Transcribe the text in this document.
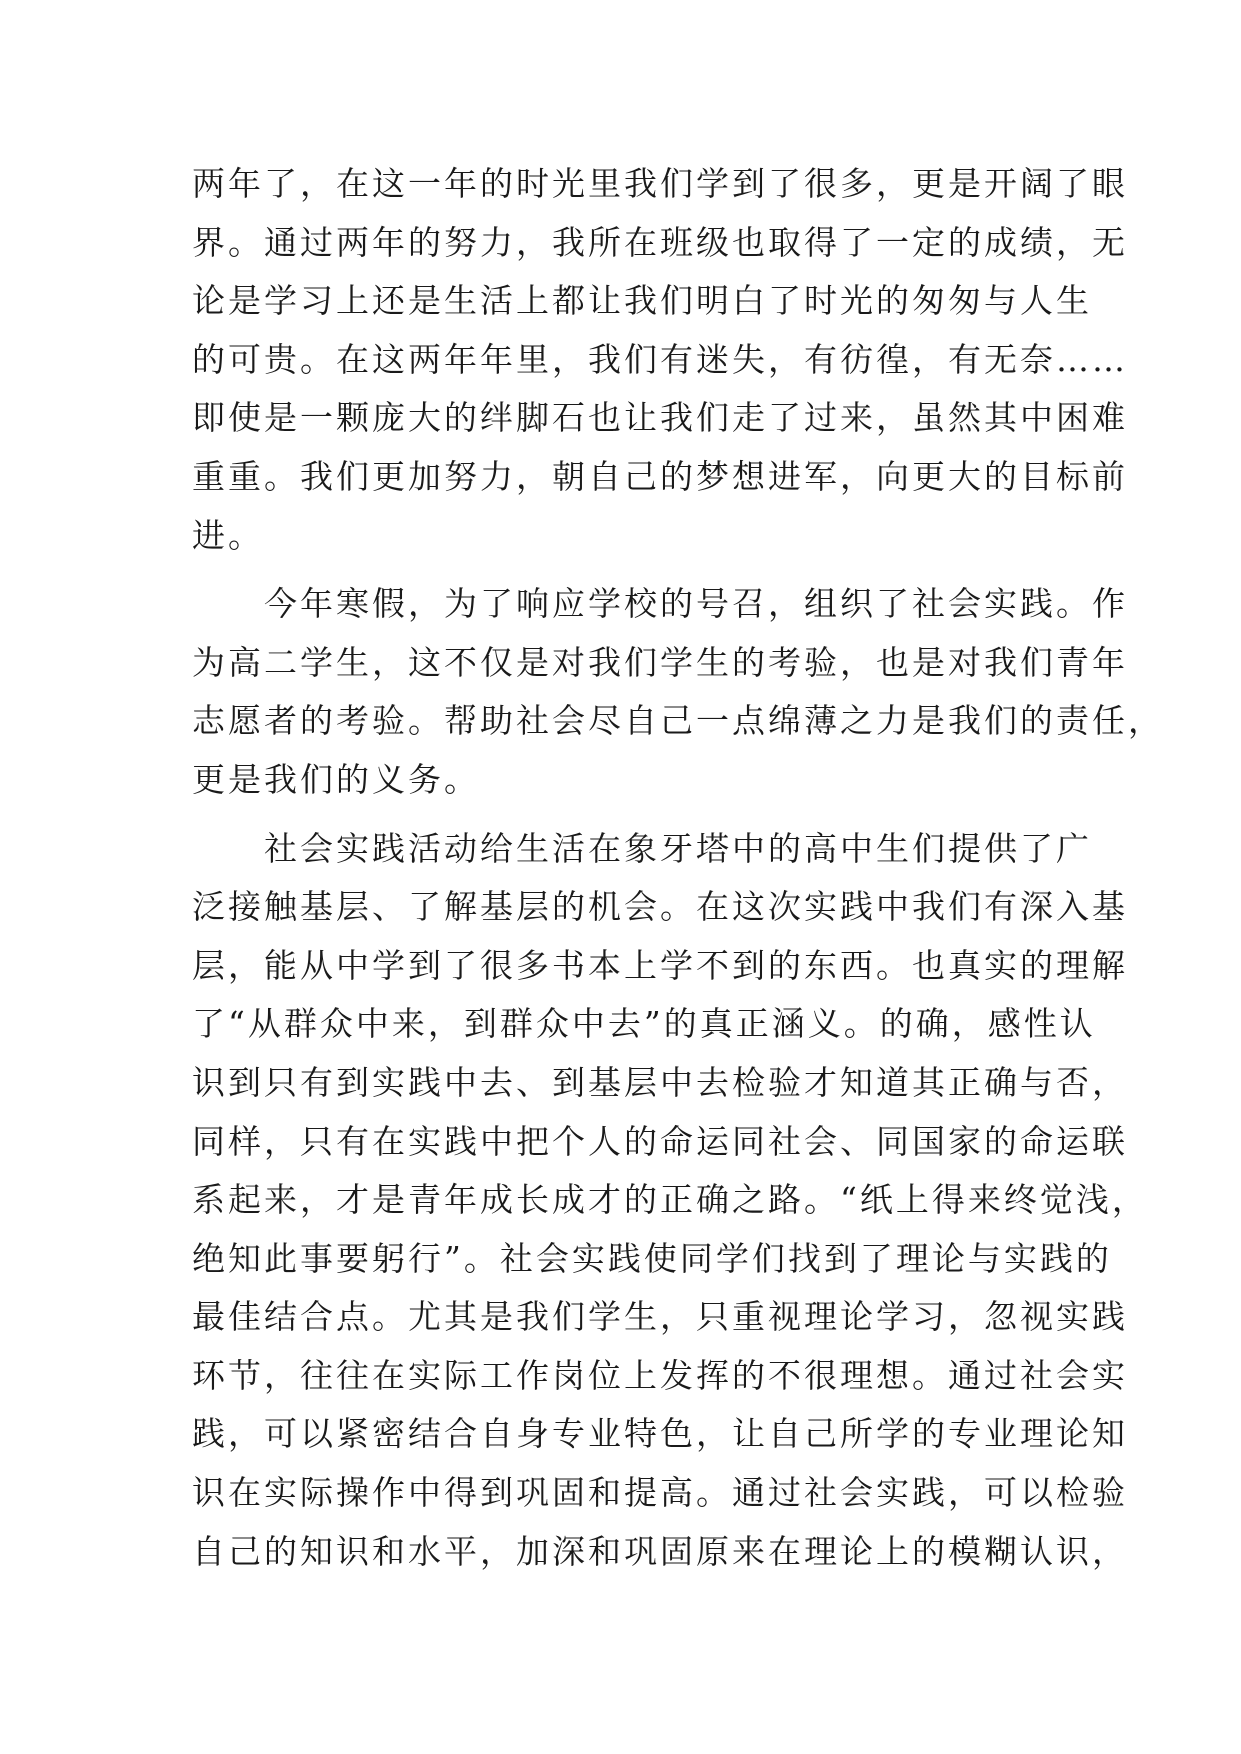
两年了，在这一年的时光里我们学到了很多，更是开阔了眼
界。通过两年的努力，我所在班级也取得了一定的成绩，无
论是学习上还是生活上都让我们明白了时光的匆匆与人生
的可贵。在这两年年里，我们有迷失，有彷徨，有无奈……
即使是一颗庞大的绊脚石也让我们走了过来，虽然其中困难
重重。我们更加努力，朝自己的梦想进军，向更大的目标前
进。
　　今年寒假，为了响应学校的号召，组织了社会实践。作
为高二学生，这不仅是对我们学生的考验，也是对我们青年
志愿者的考验。帮助社会尽自己一点绵薄之力是我们的责任，
更是我们的义务。
　　社会实践活动给生活在象牙塔中的高中生们提供了广
泛接触基层、了解基层的机会。在这次实践中我们有深入基
层，能从中学到了很多书本上学不到的东西。也真实的理解
了“从群众中来，到群众中去”的真正涵义。的确，感性认
识到只有到实践中去、到基层中去检验才知道其正确与否，
同样，只有在实践中把个人的命运同社会、同国家的命运联
系起来，才是青年成长成才的正确之路。“纸上得来终觉浅，
绝知此事要躬行”。社会实践使同学们找到了理论与实践的
最佳结合点。尤其是我们学生，只重视理论学习，忽视实践
环节，往往在实际工作岗位上发挥的不很理想。通过社会实
践，可以紧密结合自身专业特色，让自己所学的专业理论知
识在实际操作中得到巩固和提高。通过社会实践，可以检验
自己的知识和水平，加深和巩固原来在理论上的模糊认识，
